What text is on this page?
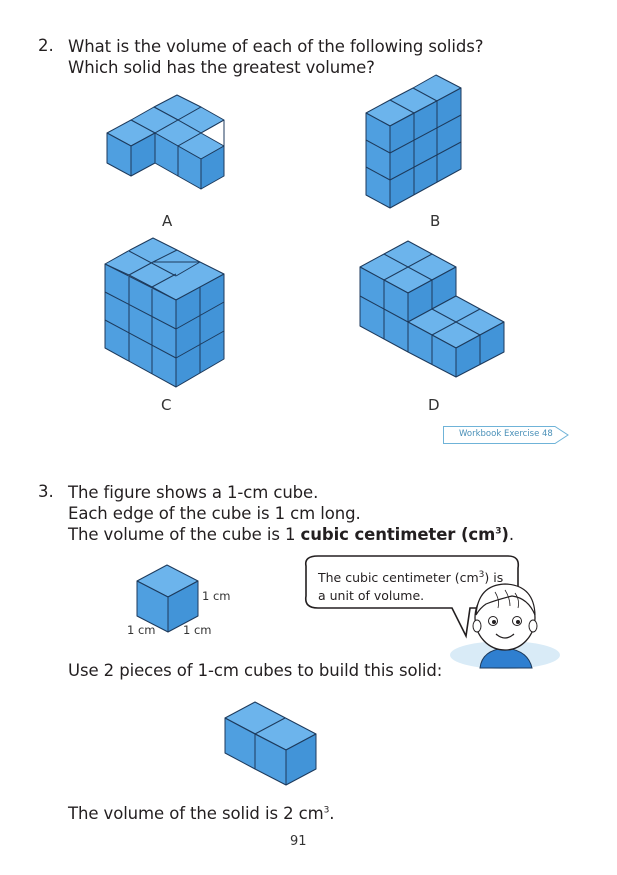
2. What is the volume of each of the following solids?
Which solid has the greatest volume?
A	B
C	D
Workbook Exercise 48
3. The figure shows a 1-cm cube.
Each edge of the cube is 1 cm long.
The volume of the cube is 1 cubic centimeter $(cm^3)$.
1 cm
1 cm 1 cm
The cubic centimeter $(cm^3)$ is
a unit of volume.
Use 2 pieces of 1-cm cubes to build this solid:
The volume of the solid is 2 $cm^3$.
91
